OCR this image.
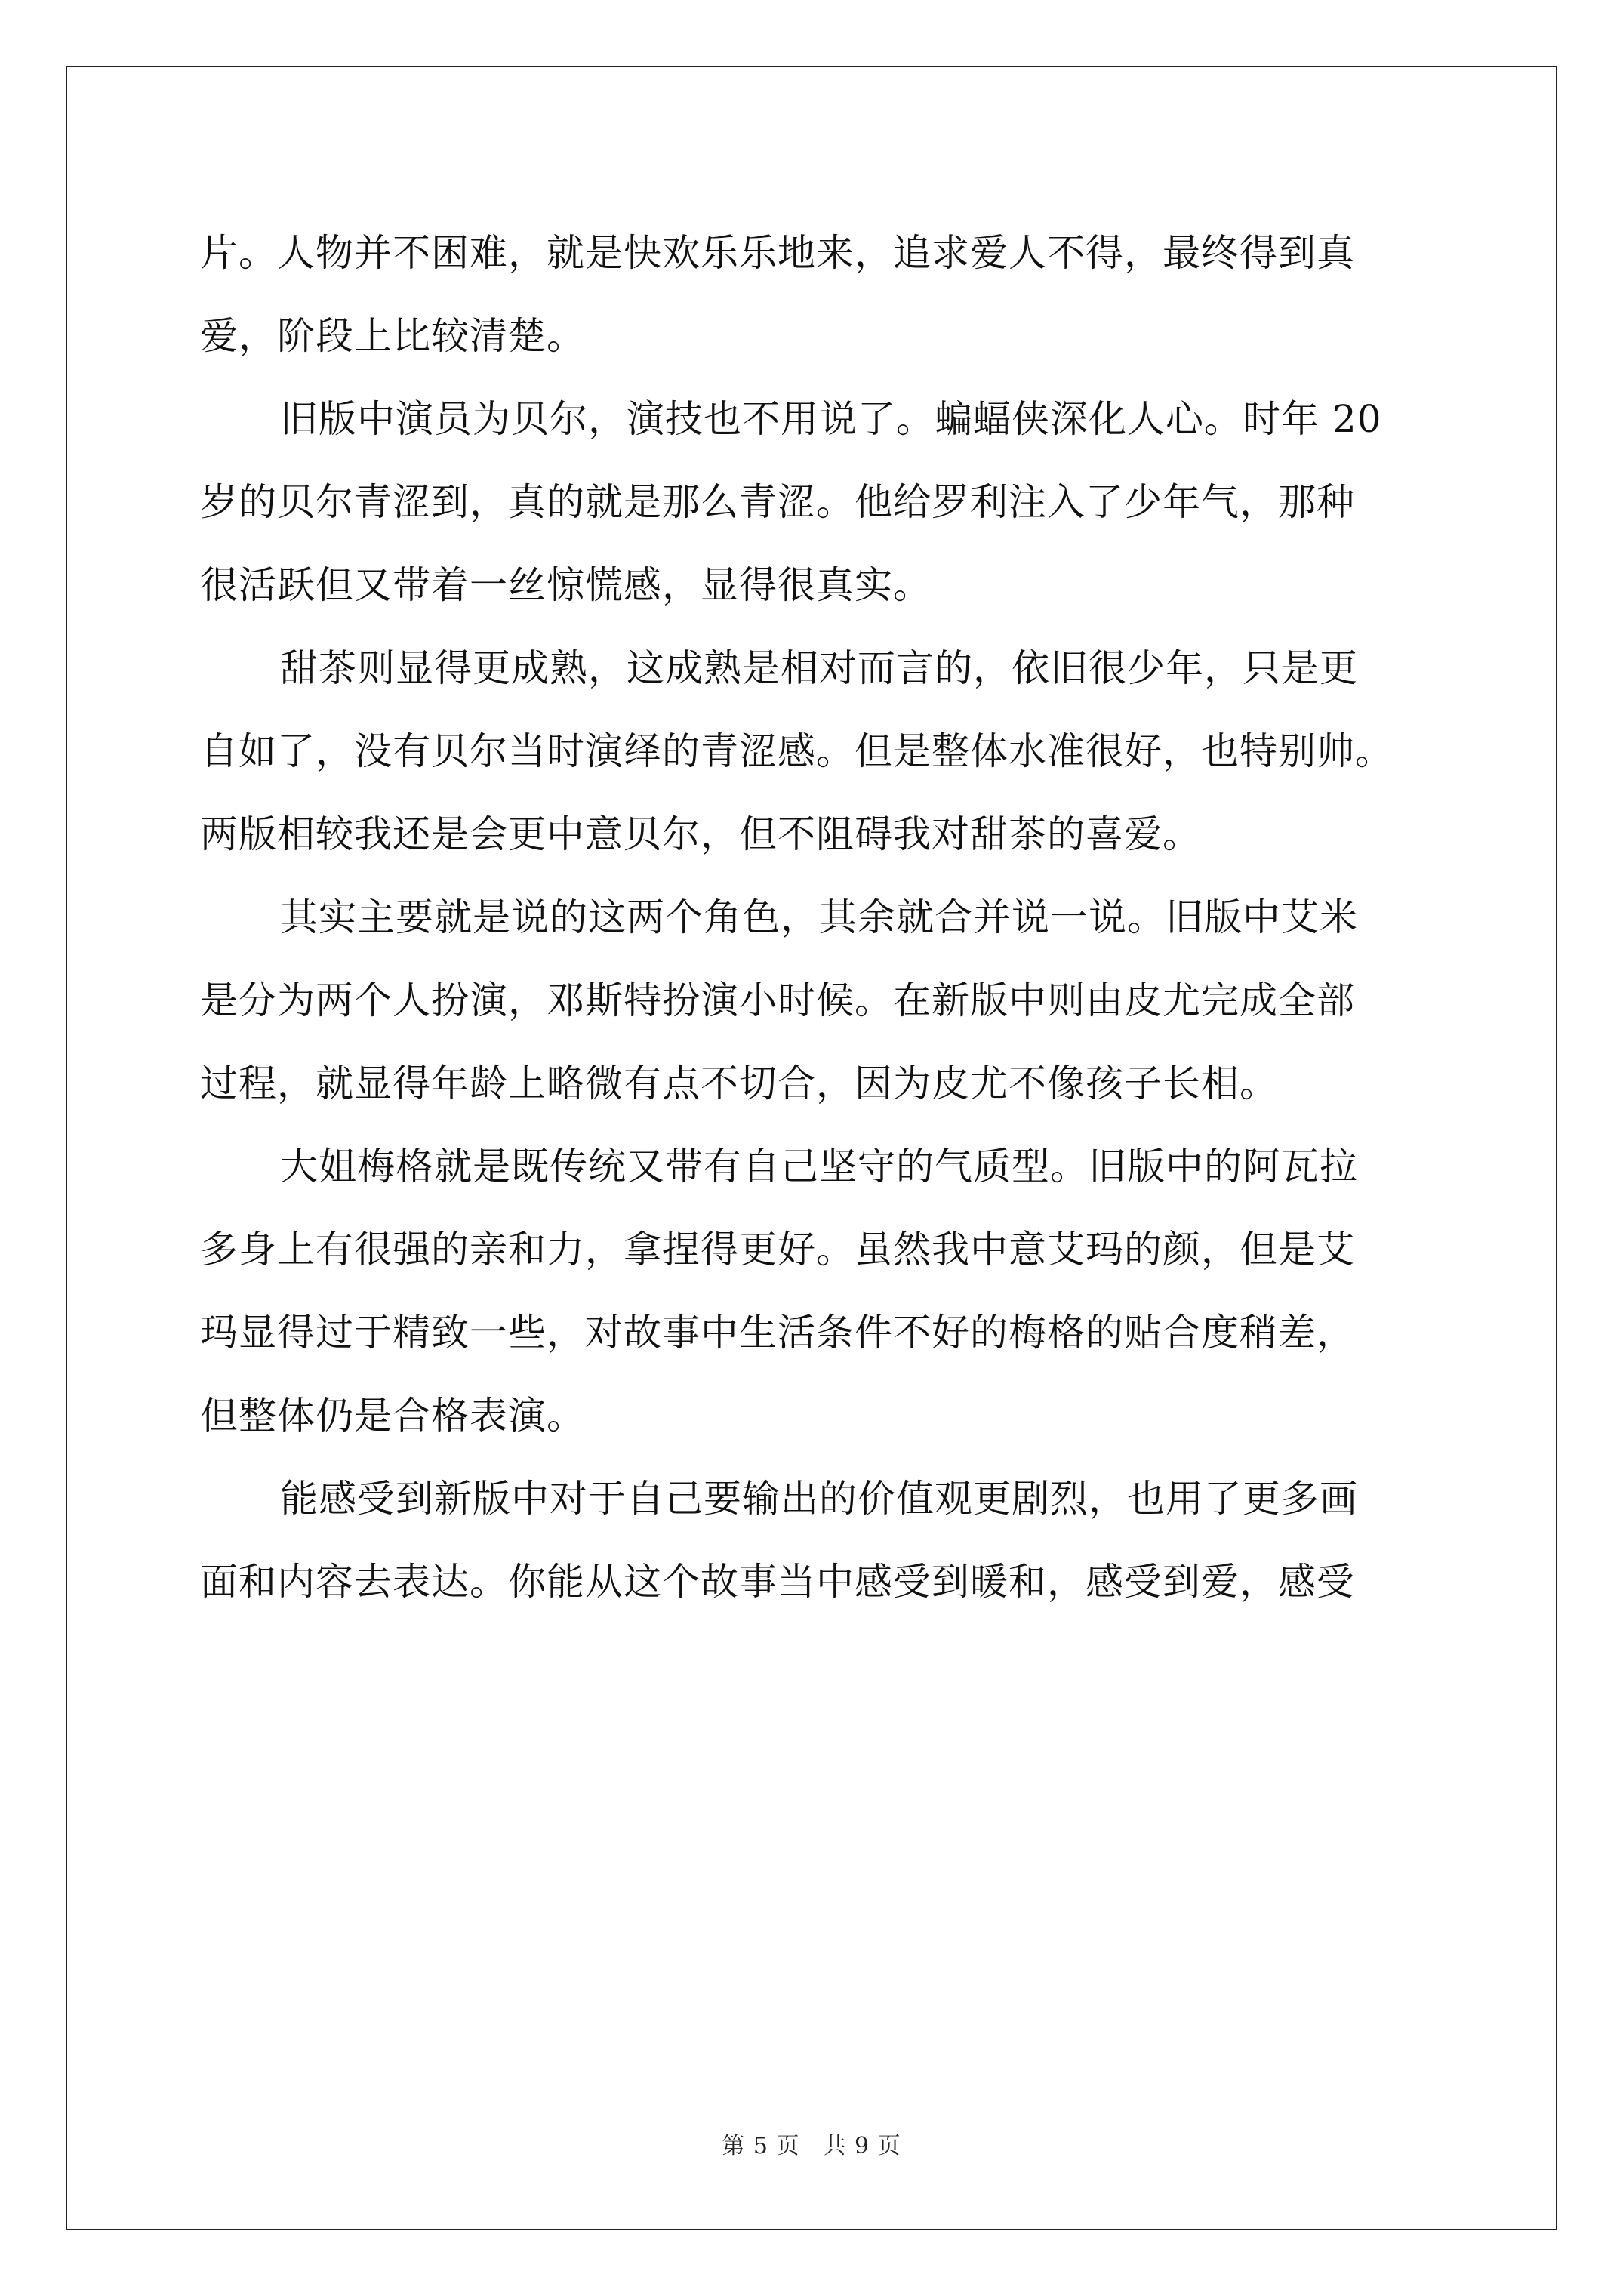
片。人物并不困难，就是快欢乐乐地来，追求爱人不得，最终得到真
爱，阶段上比较清楚。
旧版中演员为贝尔，演技也不用说了。蝙蝠侠深化人心。时年 20
岁的贝尔青涩到，真的就是那么青涩。他给罗利注入了少年气，那种
很活跃但又带着一丝惊慌感，显得很真实。
甜茶则显得更成熟，这成熟是相对而言的，依旧很少年，只是更
自如了，没有贝尔当时演绎的青涩感。但是整体水准很好，也特别帅。
两版相较我还是会更中意贝尔，但不阻碍我对甜茶的喜爱。
其实主要就是说的这两个角色，其余就合并说一说。旧版中艾米
是分为两个人扮演，邓斯特扮演小时候。在新版中则由皮尤完成全部
过程，就显得年龄上略微有点不切合，因为皮尤不像孩子长相。
大姐梅格就是既传统又带有自己坚守的气质型。旧版中的阿瓦拉
多身上有很强的亲和力，拿捏得更好。虽然我中意艾玛的颜，但是艾
玛显得过于精致一些，对故事中生活条件不好的梅格的贴合度稍差，
但整体仍是合格表演。
能感受到新版中对于自己要输出的价值观更剧烈，也用了更多画
面和内容去表达。你能从这个故事当中感受到暖和，感受到爱，感受
第 5 页　共 9 页
